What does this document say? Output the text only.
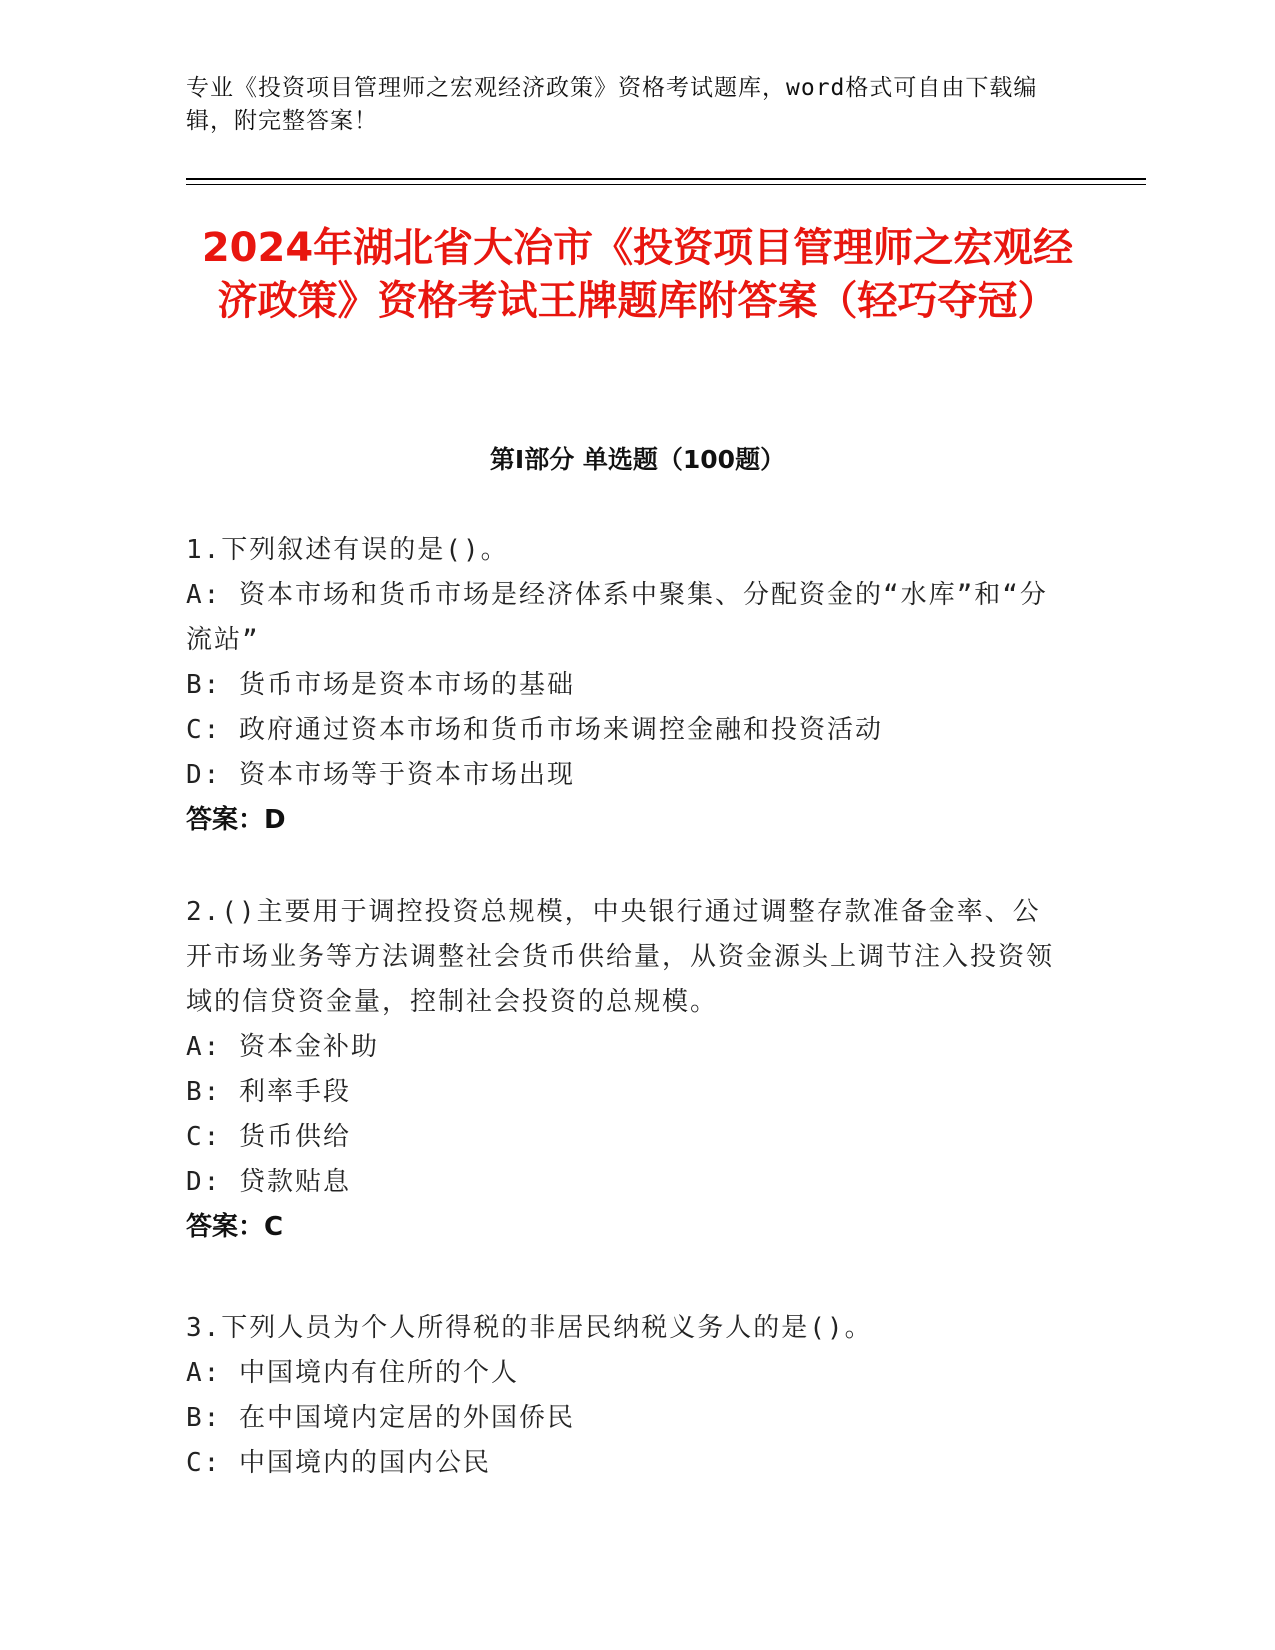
专业《投资项目管理师之宏观经济政策》资格考试题库，word格式可自由下载编辑，附完整答案！
2024年湖北省大冶市《投资项目管理师之宏观经济政策》资格考试王牌题库附答案（轻巧夺冠）
第I部分 单选题（100题）

1.下列叙述有误的是()。

A: 资本市场和货币市场是经济体系中聚集、分配资金的“水库”和“分流站”

B: 货币市场是资本市场的基础

C: 政府通过资本市场和货币市场来调控金融和投资活动

D: 资本市场等于资本市场出现

答案：D

2.()主要用于调控投资总规模，中央银行通过调整存款准备金率、公开市场业务等方法调整社会货币供给量，从资金源头上调节注入投资领域的信贷资金量，控制社会投资的总规模。

A: 资本金补助

B: 利率手段

C: 货币供给

D: 贷款贴息

答案：C

3.下列人员为个人所得税的非居民纳税义务人的是()。

A: 中国境内有住所的个人

B: 在中国境内定居的外国侨民

C: 中国境内的国内公民
